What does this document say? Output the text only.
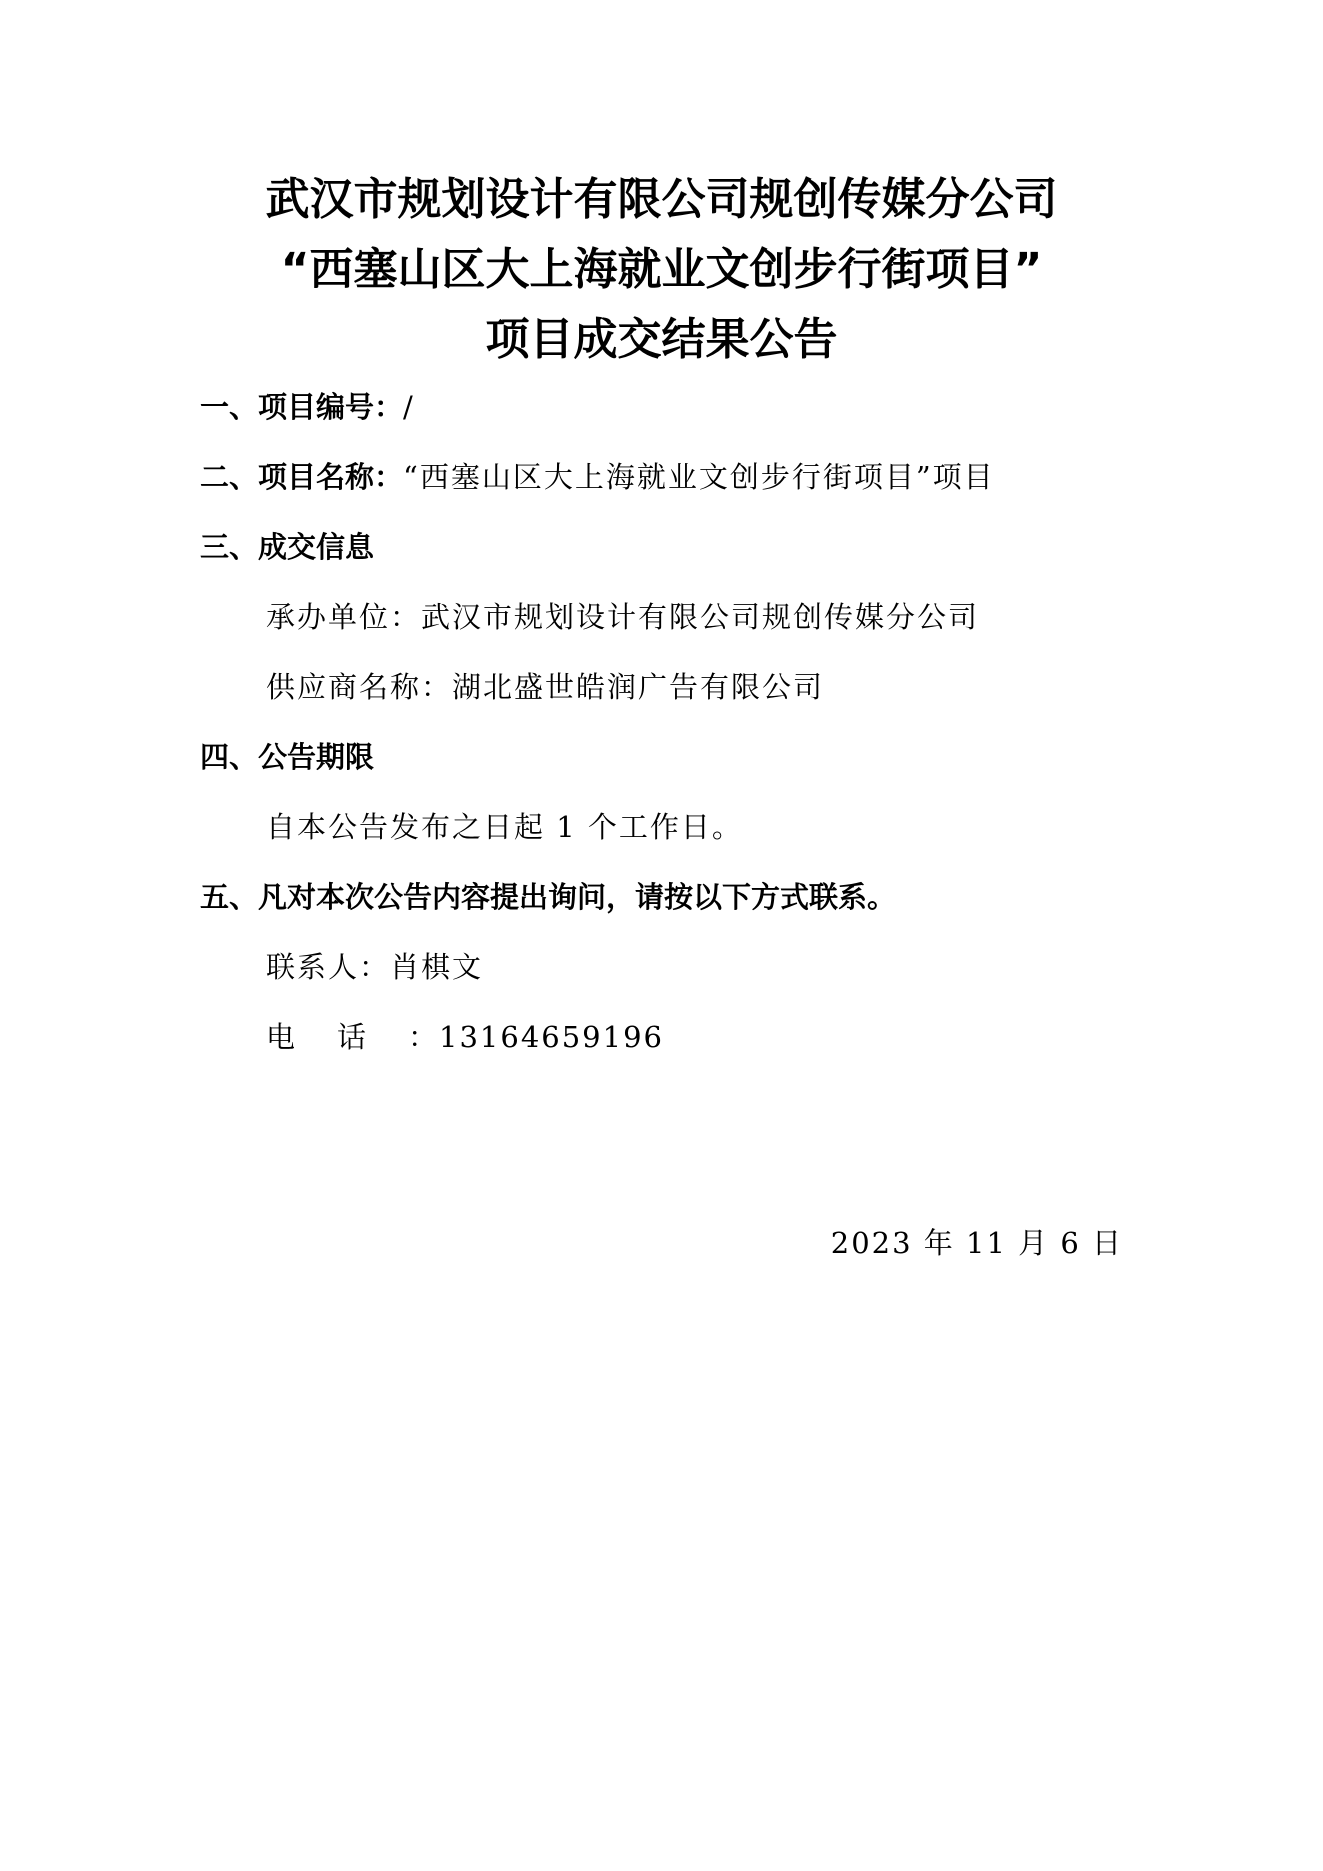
武汉市规划设计有限公司规创传媒分公司
“西塞山区大上海就业文创步行街项目”
项目成交结果公告
一、项目编号：/
二、项目名称：“西塞山区大上海就业文创步行街项目”项目
三、成交信息
承办单位：武汉市规划设计有限公司规创传媒分公司
供应商名称：湖北盛世皓润广告有限公司
四、公告期限
自本公告发布之日起 1 个工作日。
五、凡对本次公告内容提出询问，请按以下方式联系。
联系人：肖棋文
电话：13164659196
2023 年 11 月 6 日
